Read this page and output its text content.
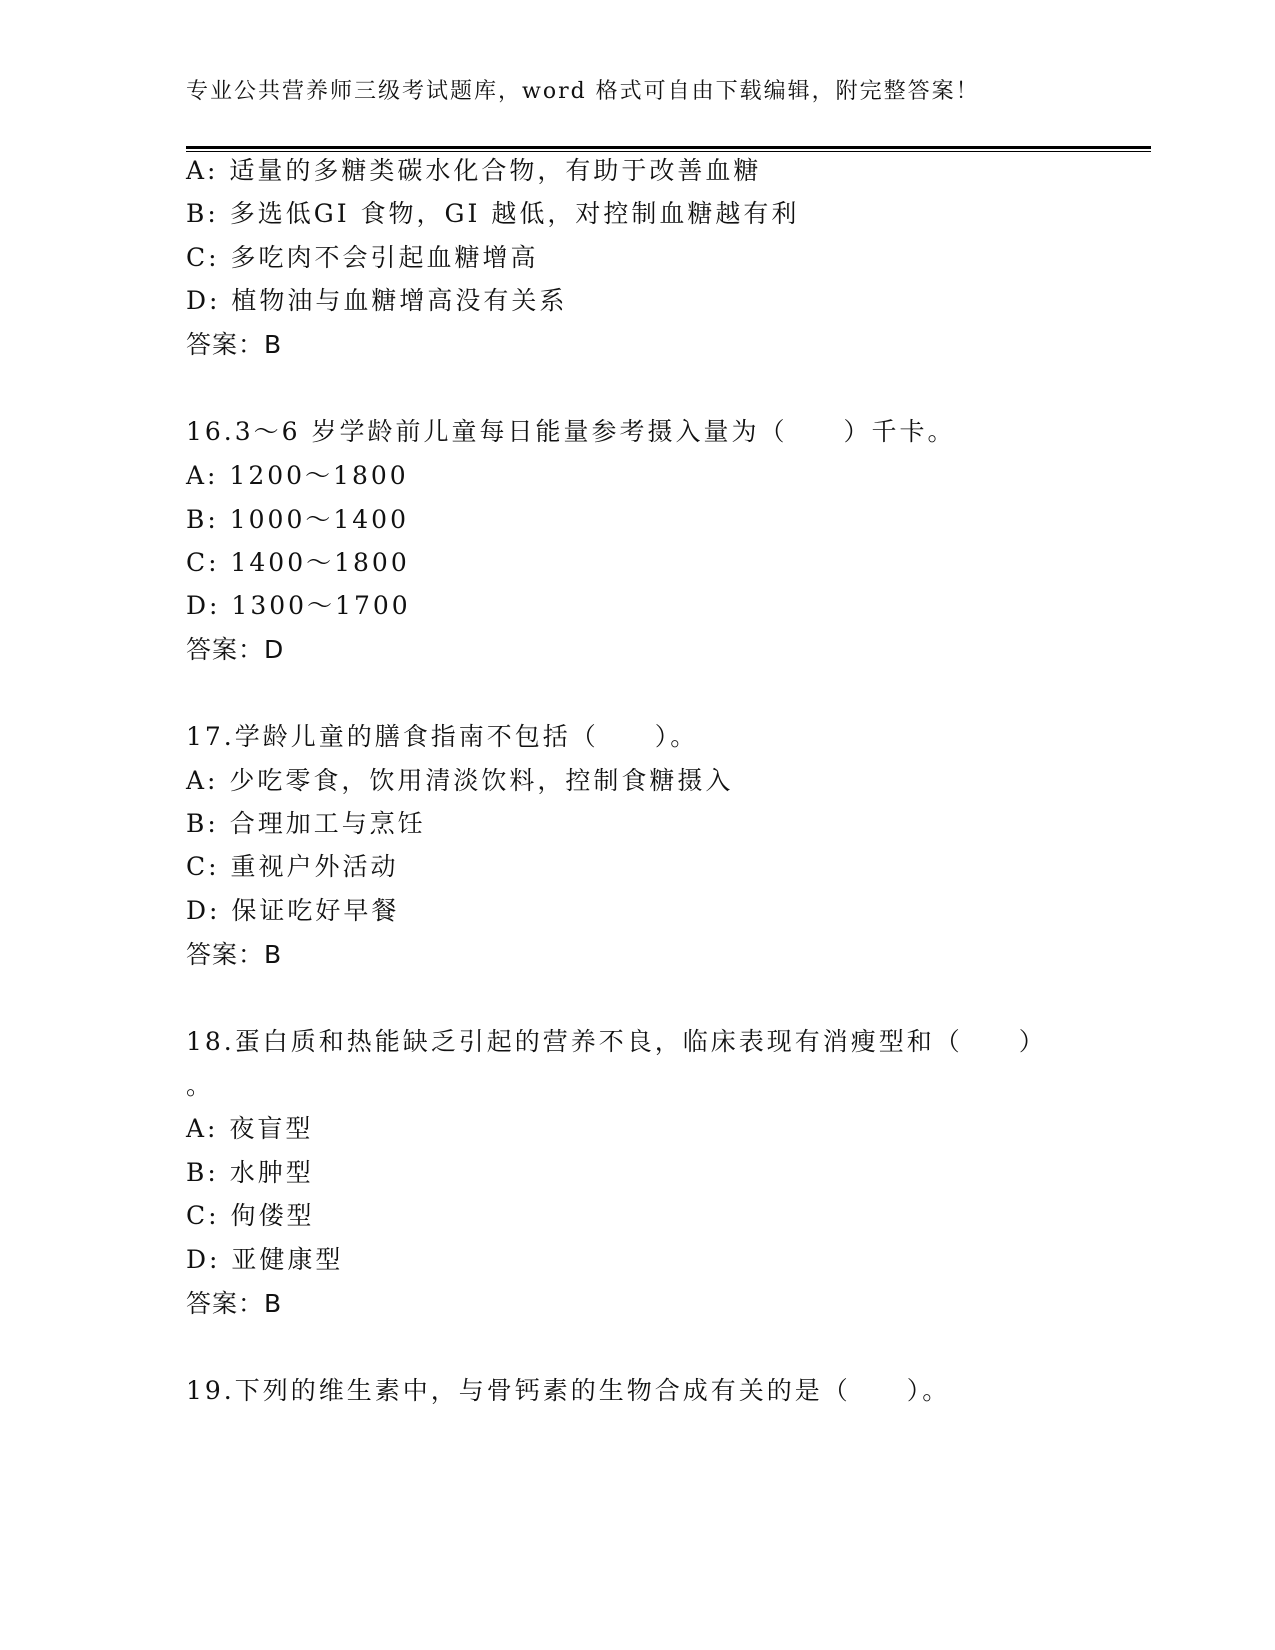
专业公共营养师三级考试题库，word 格式可自由下载编辑，附完整答案！
A: 适量的多糖类碳水化合物，有助于改善血糖
B: 多选低GI 食物，GI 越低，对控制血糖越有利
C: 多吃肉不会引起血糖增高
D: 植物油与血糖增高没有关系
答案：B
16.3～6 岁学龄前儿童每日能量参考摄入量为（　　）千卡。
A: 1200～1800
B: 1000～1400
C: 1400～1800
D: 1300～1700
答案：D
17.学龄儿童的膳食指南不包括（　　）。
A: 少吃零食，饮用清淡饮料，控制食糖摄入
B: 合理加工与烹饪
C: 重视户外活动
D: 保证吃好早餐
答案：B
18.蛋白质和热能缺乏引起的营养不良，临床表现有消瘦型和（　　）
。
A: 夜盲型
B: 水肿型
C: 佝偻型
D: 亚健康型
答案：B
19.下列的维生素中，与骨钙素的生物合成有关的是（　　）。
